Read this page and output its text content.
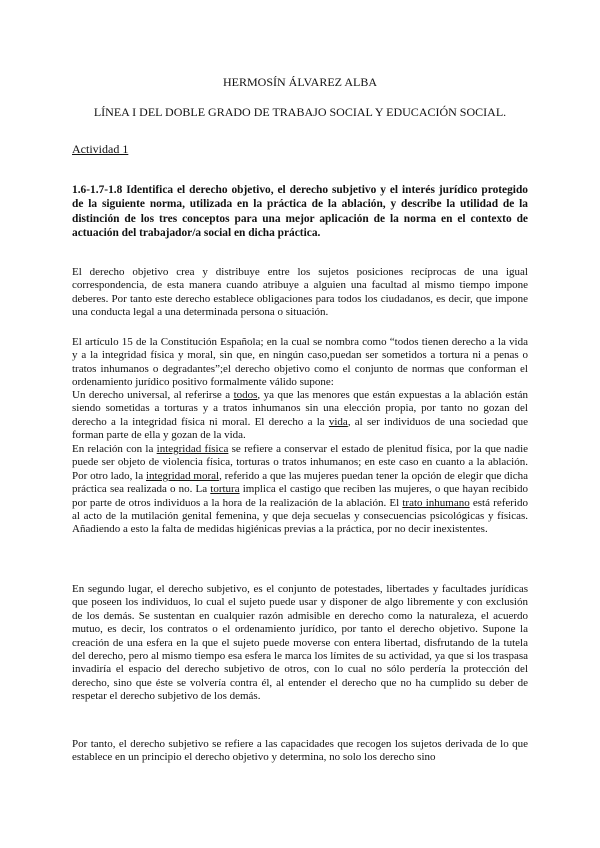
HERMOSÍN ÁLVAREZ ALBA
LÍNEA I DEL DOBLE GRADO DE TRABAJO SOCIAL Y EDUCACIÓN SOCIAL.
Actividad 1

1.6-1.7-1.8 Identifica el derecho objetivo, el derecho subjetivo y el interés jurídico protegido de la siguiente norma, utilizada en la práctica de la ablación, y describe la utilidad de la distinción de los tres conceptos para una mejor aplicación de la norma en el contexto de actuación del trabajador/a social en dicha práctica.

El derecho objetivo crea y distribuye entre los sujetos posiciones recíprocas de una igual correspondencia, de esta manera cuando atribuye a alguien una facultad al mismo tiempo impone deberes. Por tanto este derecho establece obligaciones para todos los ciudadanos, es decir, que impone una conducta legal a una determinada persona o situación.

El artículo 15 de la Constitución Española; en la cual se nombra como “todos tienen derecho a la vida y a la integridad física y moral, sin que, en ningún caso,puedan ser sometidos a tortura ni a penas o tratos inhumanos o degradantes”;el derecho objetivo como el conjunto de normas que conforman el ordenamiento jurídico positivo formalmente válido supone:

Un derecho universal, al referirse a todos, ya que las menores que están expuestas a la ablación están siendo sometidas a torturas y a tratos inhumanos sin una elección propia, por tanto no gozan del derecho a la integridad física ni moral. El derecho a la vida, al ser individuos de una sociedad que forman parte de ella y gozan de la vida.

En relación con la integridad física se refiere a conservar el estado de plenitud física, por la que nadie puede ser objeto de violencia física, torturas o tratos inhumanos; en este caso en cuanto a la ablación. Por otro lado, la integridad moral, referido a que las mujeres puedan tener la opción de elegir que dicha práctica sea realizada o no. La tortura implica el castigo que reciben las mujeres, o que hayan recibido por parte de otros individuos a la hora de la realización de la ablación. El trato inhumano está referido al acto de la mutilación genital femenina, y que deja secuelas y consecuencias psicológicas y físicas. Añadiendo a esto la falta de medidas higiénicas previas a la práctica, por no decir inexistentes.

En segundo lugar, el derecho subjetivo, es el conjunto de potestades, libertades y facultades jurídicas que poseen los individuos, lo cual el sujeto puede usar y disponer de algo libremente y con exclusión de los demás. Se sustentan en cualquier razón admisible en derecho como la naturaleza, el acuerdo mutuo, es decir, los contratos o el ordenamiento jurídico, por tanto el derecho objetivo. Supone la creación de una esfera en la que el sujeto puede moverse con entera libertad, disfrutando de la tutela del derecho, pero al mismo tiempo esa esfera le marca los límites de su actividad, ya que si los traspasa invadiría el espacio del derecho subjetivo de otros, con lo cual no sólo perdería la protección del derecho, sino que éste se volvería contra él, al entender el derecho que no ha cumplido su deber de respetar el derecho subjetivo de los demás.

Por tanto, el derecho subjetivo se refiere a las capacidades que recogen los sujetos derivada de lo que establece en un principio el derecho objetivo y determina, no solo los derecho sino
